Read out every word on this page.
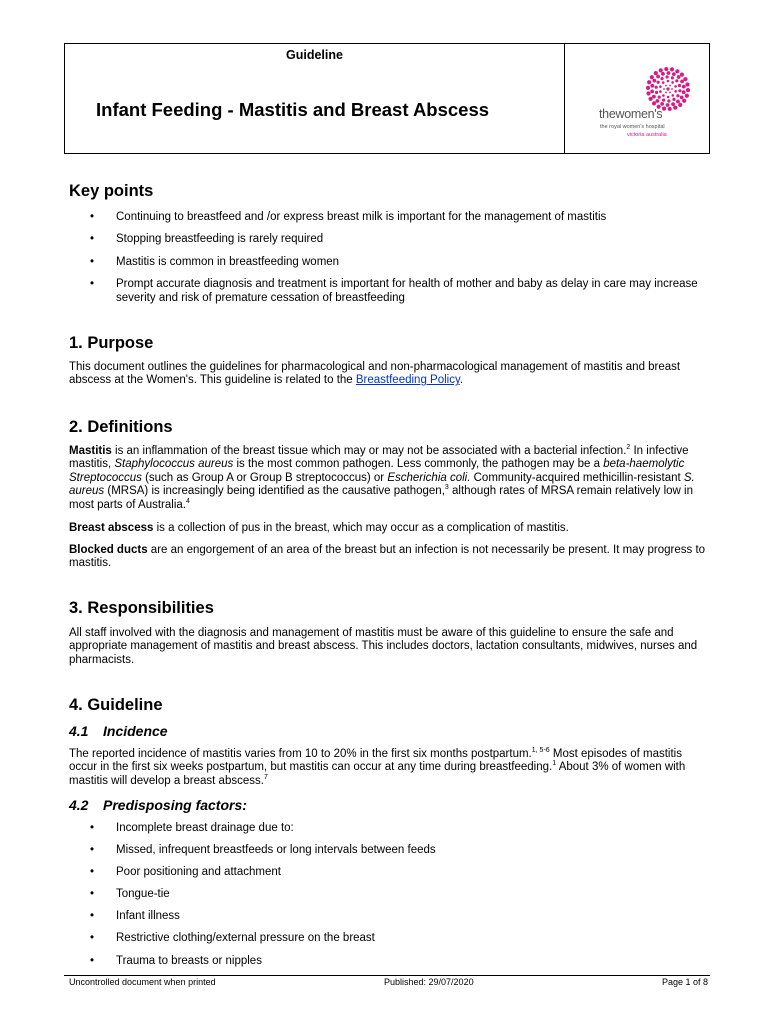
Guideline
Infant Feeding - Mastitis and Breast Abscess	thewomen's
the royal women's hospital
victoria australia
Key points
• Continuing to breastfeed and /or express breast milk is important for the management of mastitis
• Stopping breastfeeding is rarely required
• Mastitis is common in breastfeeding women
• Prompt accurate diagnosis and treatment is important for health of mother and baby as delay in care may increase severity and risk of premature cessation of breastfeeding
1. Purpose

This document outlines the guidelines for pharmacological and non-pharmacological management of mastitis and breast abscess at the Women's. This guideline is related to the Breastfeeding Policy.

2. Definitions

Mastitis is an inflammation of the breast tissue which may or may not be associated with a bacterial infection.$^2$ In infective mastitis, Staphylococcus aureus is the most common pathogen. Less commonly, the pathogen may be a beta-haemolytic Streptococcus (such as Group A or Group B streptococcus) or Escherichia coli. Community-acquired methicillin-resistant S. aureus (MRSA) is increasingly being identified as the causative pathogen,$^3$ although rates of MRSA remain relatively low in most parts of Australia.$^4$

Breast abscess is a collection of pus in the breast, which may occur as a complication of mastitis.

Blocked ducts are an engorgement of an area of the breast but an infection is not necessarily be present. It may progress to mastitis.

3. Responsibilities

All staff involved with the diagnosis and management of mastitis must be aware of this guideline to ensure the safe and appropriate management of mastitis and breast abscess. This includes doctors, lactation consultants, midwives, nurses and pharmacists.

4. Guideline
4.1 Incidence

The reported incidence of mastitis varies from 10 to 20% in the first six months postpartum.$^{1, 5-6}$ Most episodes of mastitis occur in the first six weeks postpartum, but mastitis can occur at any time during breastfeeding.$^1$ About 3% of women with mastitis will develop a breast abscess.$^7$

4.2 Predisposing factors:
• Incomplete breast drainage due to:
• Missed, infrequent breastfeeds or long intervals between feeds
• Poor positioning and attachment
• Tongue-tie
• Infant illness
• Restrictive clothing/external pressure on the breast
• Trauma to breasts or nipples
Uncontrolled document when printed	Published: 29/07/2020	Page 1 of 8
